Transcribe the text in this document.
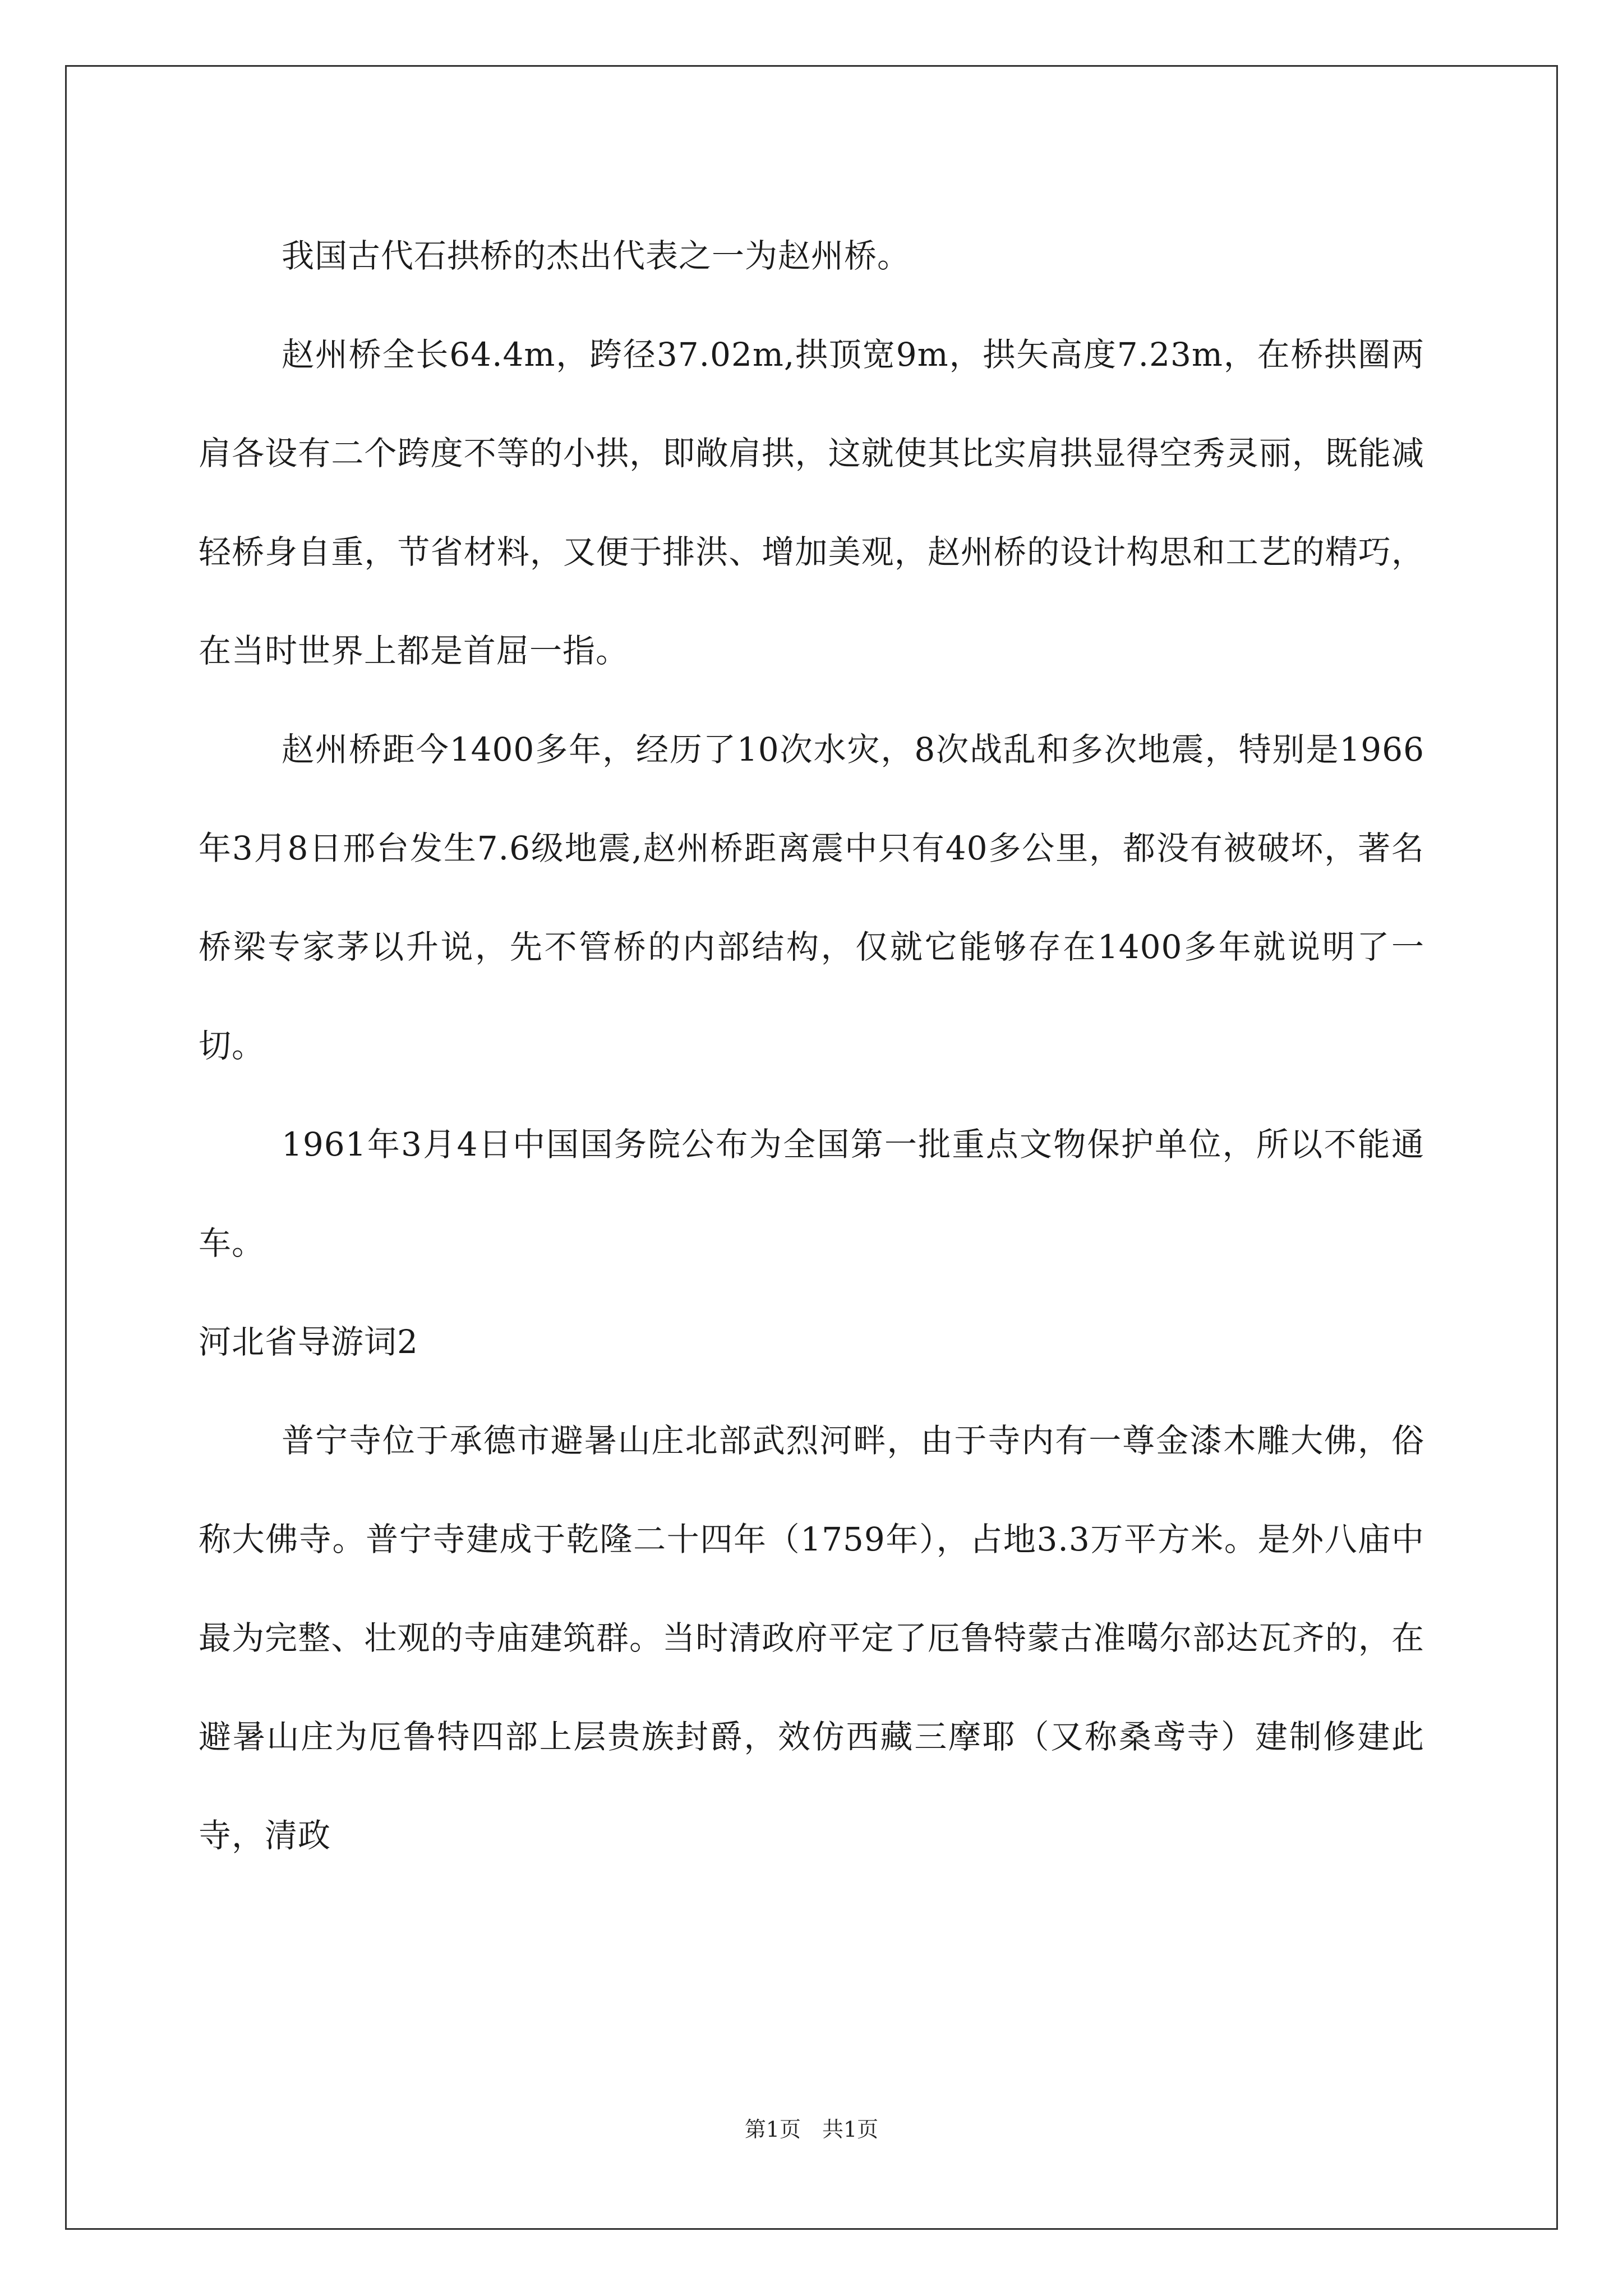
我国古代石拱桥的杰出代表之一为赵州桥。

赵州桥全长64.4m，跨径37.02m,拱顶宽9m，拱矢高度7.23m，在桥拱圈两肩各设有二个跨度不等的小拱，即敞肩拱，这就使其比实肩拱显得空秀灵丽，既能减轻桥身自重，节省材料，又便于排洪、增加美观，赵州桥的设计构思和工艺的精巧，在当时世界上都是首屈一指。

赵州桥距今1400多年，经历了10次水灾，8次战乱和多次地震，特别是1966年3月8日邢台发生7.6级地震,赵州桥距离震中只有40多公里，都没有被破坏，著名桥梁专家茅以升说，先不管桥的内部结构，仅就它能够存在1400多年就说明了一切。

1961年3月4日中国国务院公布为全国第一批重点文物保护单位，所以不能通车。

河北省导游词2

普宁寺位于承德市避暑山庄北部武烈河畔，由于寺内有一尊金漆木雕大佛，俗称大佛寺。普宁寺建成于乾隆二十四年（1759年），占地3.3万平方米。是外八庙中最为完整、壮观的寺庙建筑群。当时清政府平定了厄鲁特蒙古准噶尔部达瓦齐的，在避暑山庄为厄鲁特四部上层贵族封爵，效仿西藏三摩耶（又称桑鸢寺）建制修建此寺，清政

第1页　共1页
